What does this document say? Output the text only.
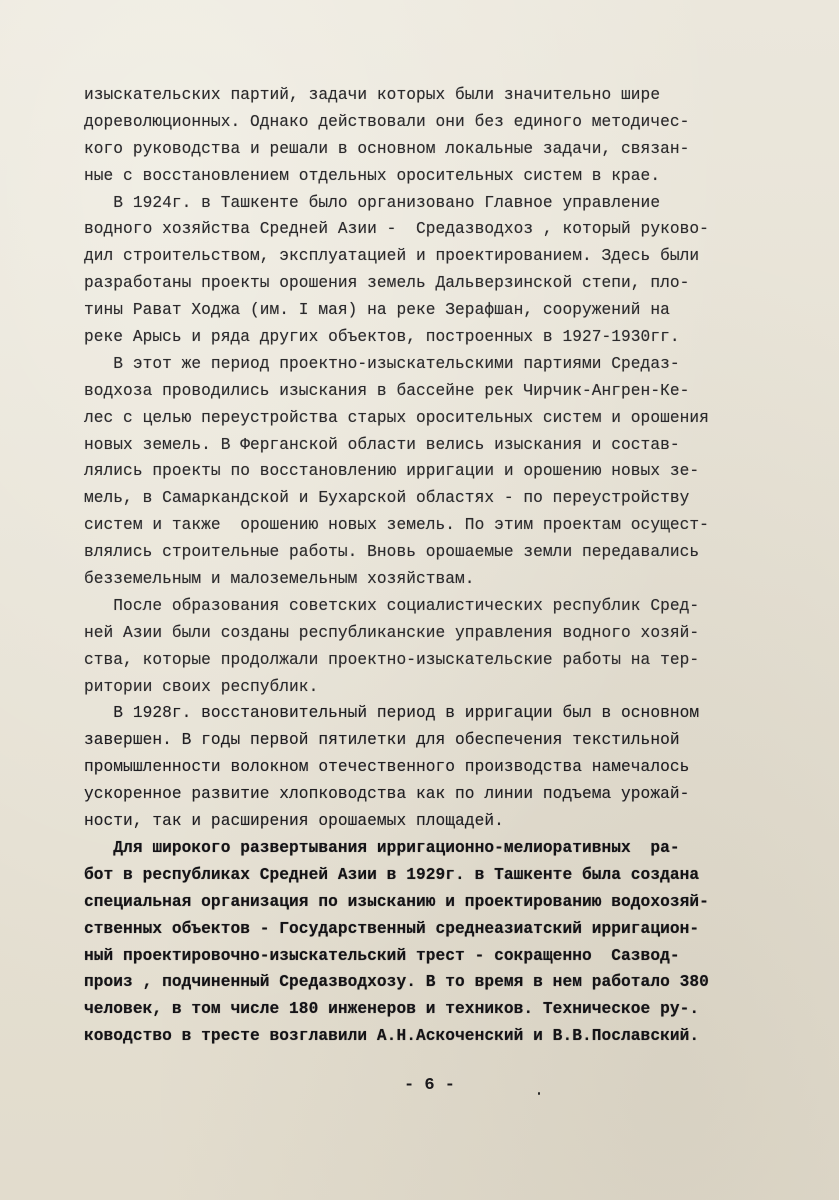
изыскательских партий, задачи которых были значительно шире
дореволюционных. Однако действовали они без единого методичес-
кого руководства и решали в основном локальные задачи, связан-
ные с восстановлением отдельных оросительных систем в крае.
В 1924г. в Ташкенте было организовано Главное управление
водного хозяйства Средней Азии -  Средазводхоз , который руково-
дил строительством, эксплуатацией и проектированием. Здесь были
разработаны проекты орошения земель Дальверзинской степи, пло-
тины Рават Ходжа (им. I мая) на реке Зерафшан, сооружений на
реке Арысь и ряда других объектов, построенных в 1927-1930гг.
В этот же период проектно-изыскательскими партиями Средаз-
водхоза проводились изыскания в бассейне рек Чирчик-Ангрен-Ке-
лес с целью переустройства старых оросительных систем и орошения
новых земель. В Ферганской области велись изыскания и состав-
лялись проекты по восстановлению ирригации и орошению новых зе-
мель, в Самаркандской и Бухарской областях - по переустройству
систем и также  орошению новых земель. По этим проектам осущест-
влялись строительные работы. Вновь орошаемые земли передавались
безземельным и малоземельным хозяйствам.
После образования советских социалистических республик Сред-
ней Азии были созданы республиканские управления водного хозяй-
ства, которые продолжали проектно-изыскательские работы на тер-
ритории своих республик.
В 1928г. восстановительный период в ирригации был в основном
завершен. В годы первой пятилетки для обеспечения текстильной
промышленности волокном отечественного производства намечалось
ускоренное развитие хлопководства как по линии подъема урожай-
ности, так и расширения орошаемых площадей.
Для широкого развертывания ирригационно-мелиоративных  ра-
бот в республиках Средней Азии в 1929г. в Ташкенте была создана
специальная организация по изысканию и проектированию водохозяй-
ственных объектов - Государственный среднеазиатский ирригацион-
ный проектировочно-изыскательский трест - сокращенно  Сазвод-
произ , подчиненный Средазводхозу. В то время в нем работало 380
человек, в том числе 180 инженеров и техников. Техническое ру-.
ководство в тресте возглавили А.Н.Аскоченский и В.В.Пославский.
- 6 -
